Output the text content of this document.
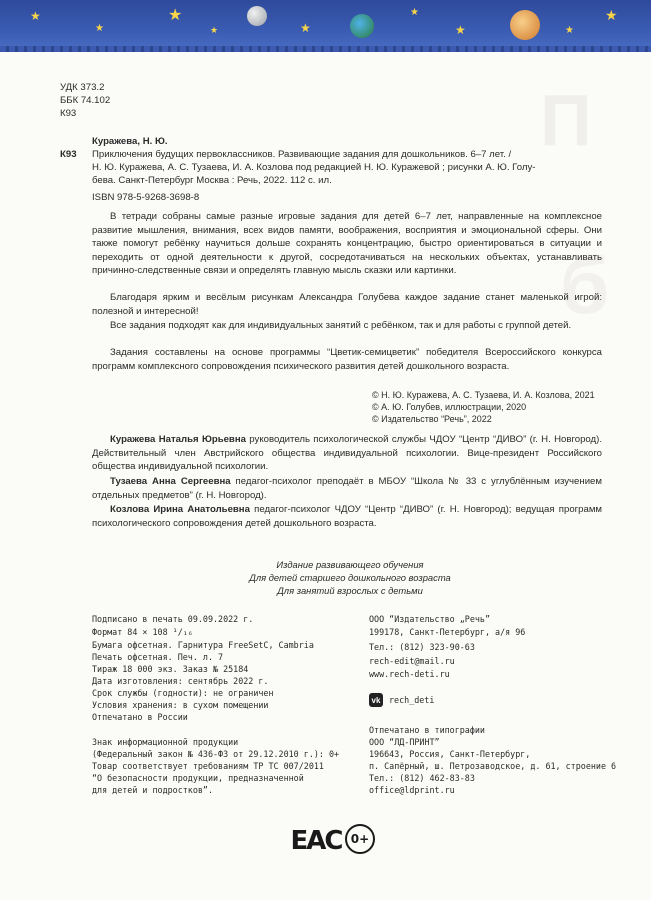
★
★
★
★	★
★
★	★
★
П
б
УДК 373.2
ББК 74.102
К93
Куражева, Н. Ю.
К93 Приключения будущих первоклассников. Развивающие задания для дошкольников. 6–7 лет. /
Н. Ю. Куражева, А. С. Тузаева, И. А. Козлова под редакцией Н. Ю. Куражевой ; рисунки А. Ю. Голу-
бева. Санкт-Петербург Москва : Речь, 2022. 112 с. ил.
ISBN 978-5-9268-3698-8
В тетради собраны самые разные игровые задания для детей 6–7 лет, направленные на комплексное развитие мышления, внимания, всех видов памяти, воображения, восприятия и эмоциональной сферы. Они также помогут ребёнку научиться дольше сохранять концентрацию, быстро ориентироваться в ситуации и переходить от одной деятельности к другой, сосредотачиваться на нескольких объектах, устанавливать причинно-следственные связи и определять главную мысль сказки или картинки.
Благодаря ярким и весёлым рисункам Александра Голубева каждое задание станет маленькой игрой: полезной и интересной!
Все задания подходят как для индивидуальных занятий с ребёнком, так и для работы с группой детей.
Задания составлены на основе программы “Цветик-семицветик” победителя Всероссийского конкурса программ комплексного сопровождения психического развития детей дошкольного возраста.
© Н. Ю. Куражева, А. С. Тузаева, И. А. Козлова, 2021
© А. Ю. Голубев, иллюстрации, 2020
© Издательство “Речь”, 2022
Куражева Наталья Юрьевна руководитель психологической службы ЧДОУ “Центр “ДИВО” (г. Н. Новгород). Действительный член Австрийского общества индивидуальной психологии. Вице-президент Российского общества индивидуальной психологии.
Тузаева Анна Сергеевна педагог-психолог преподаёт в МБОУ “Школа № 33 с углублённым изучением отдельных предметов” (г. Н. Новгород).
Козлова Ирина Анатольевна педагог-психолог ЧДОУ “Центр “ДИВО” (г. Н. Новгород); ведущая программ психологического сопровождения детей дошкольного возраста.
Издание развивающего обучения
Для детей старшего дошкольного возраста
Для занятий взрослых с детьми
Подписано в печать 09.09.2022 г.
Формат 84 × 108 ¹/₁₆
Бумага офсетная. Гарнитура FreeSetC, Cambria
Печать офсетная. Печ. л. 7
Тираж 18 000 экз. Заказ № 25184
Дата изготовления: сентябрь 2022 г.
Срок службы (годности): не ограничен
Условия хранения: в сухом помещении
Отпечатано в России
Знак информационной продукции
(Федеральный закон № 436-ФЗ от 29.12.2010 г.): 0+
Товар соответствует требованиям ТР ТС 007/2011
“О безопасности продукции, предназначенной
для детей и подростков”.
ООО “Издательство „Речь”
199178, Санкт-Петербург, а/я 96
Тел.: (812) 323-90-63
rech-edit@mail.ru
www.rech-deti.ru
vk	rech_deti
Отпечатано в типографии
ООО “ЛД-ПРИНТ”
196643, Россия, Санкт-Петербург,
п. Сапёрный, ш. Петрозаводское, д. 61, строение 6
Тел.: (812) 462-83-83
office@ldprint.ru
EAC 0+
